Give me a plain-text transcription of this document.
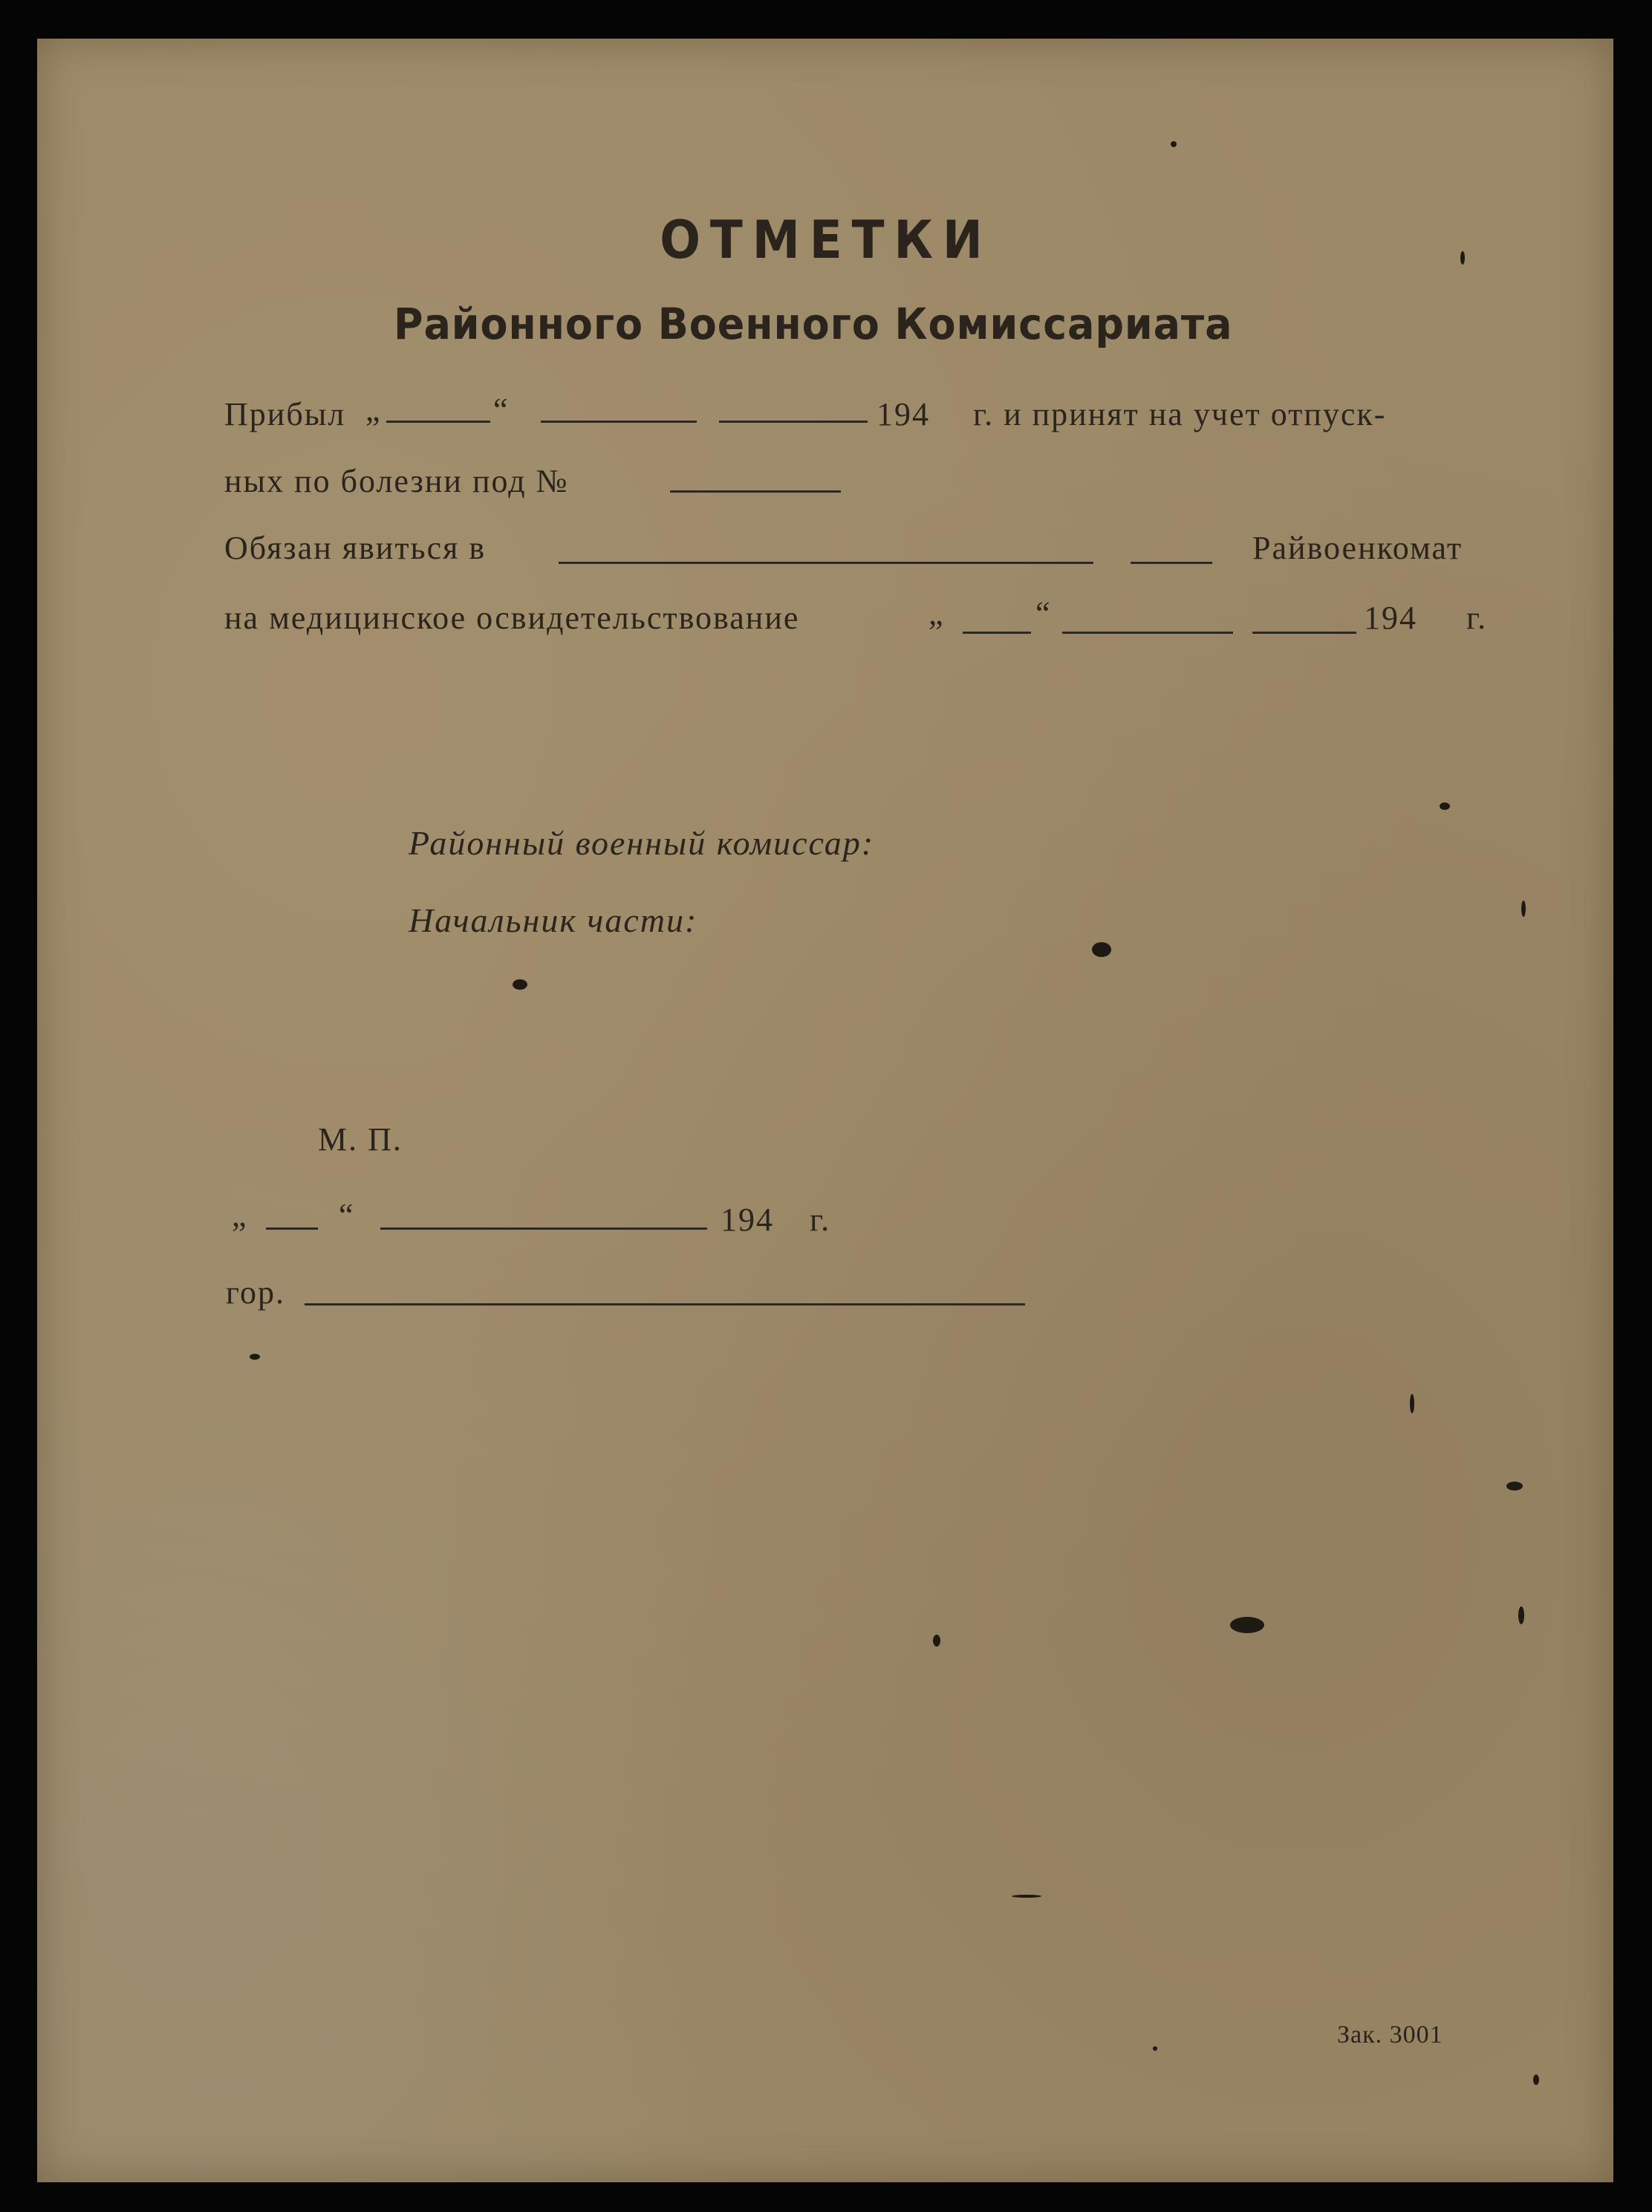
ОТМЕТКИ
Районного Военного Комиссариата
Прибыл „	“	194 г. и принят на учет отпуск-
ных по болезни под №
Обязан явиться в	Райвоенкомат
на медицинское освидетельствование	„	“	194 г.
Районный военный комиссар:
Начальник части:
М. П.
„	“	194 г.
гор.
Зак. 3001
